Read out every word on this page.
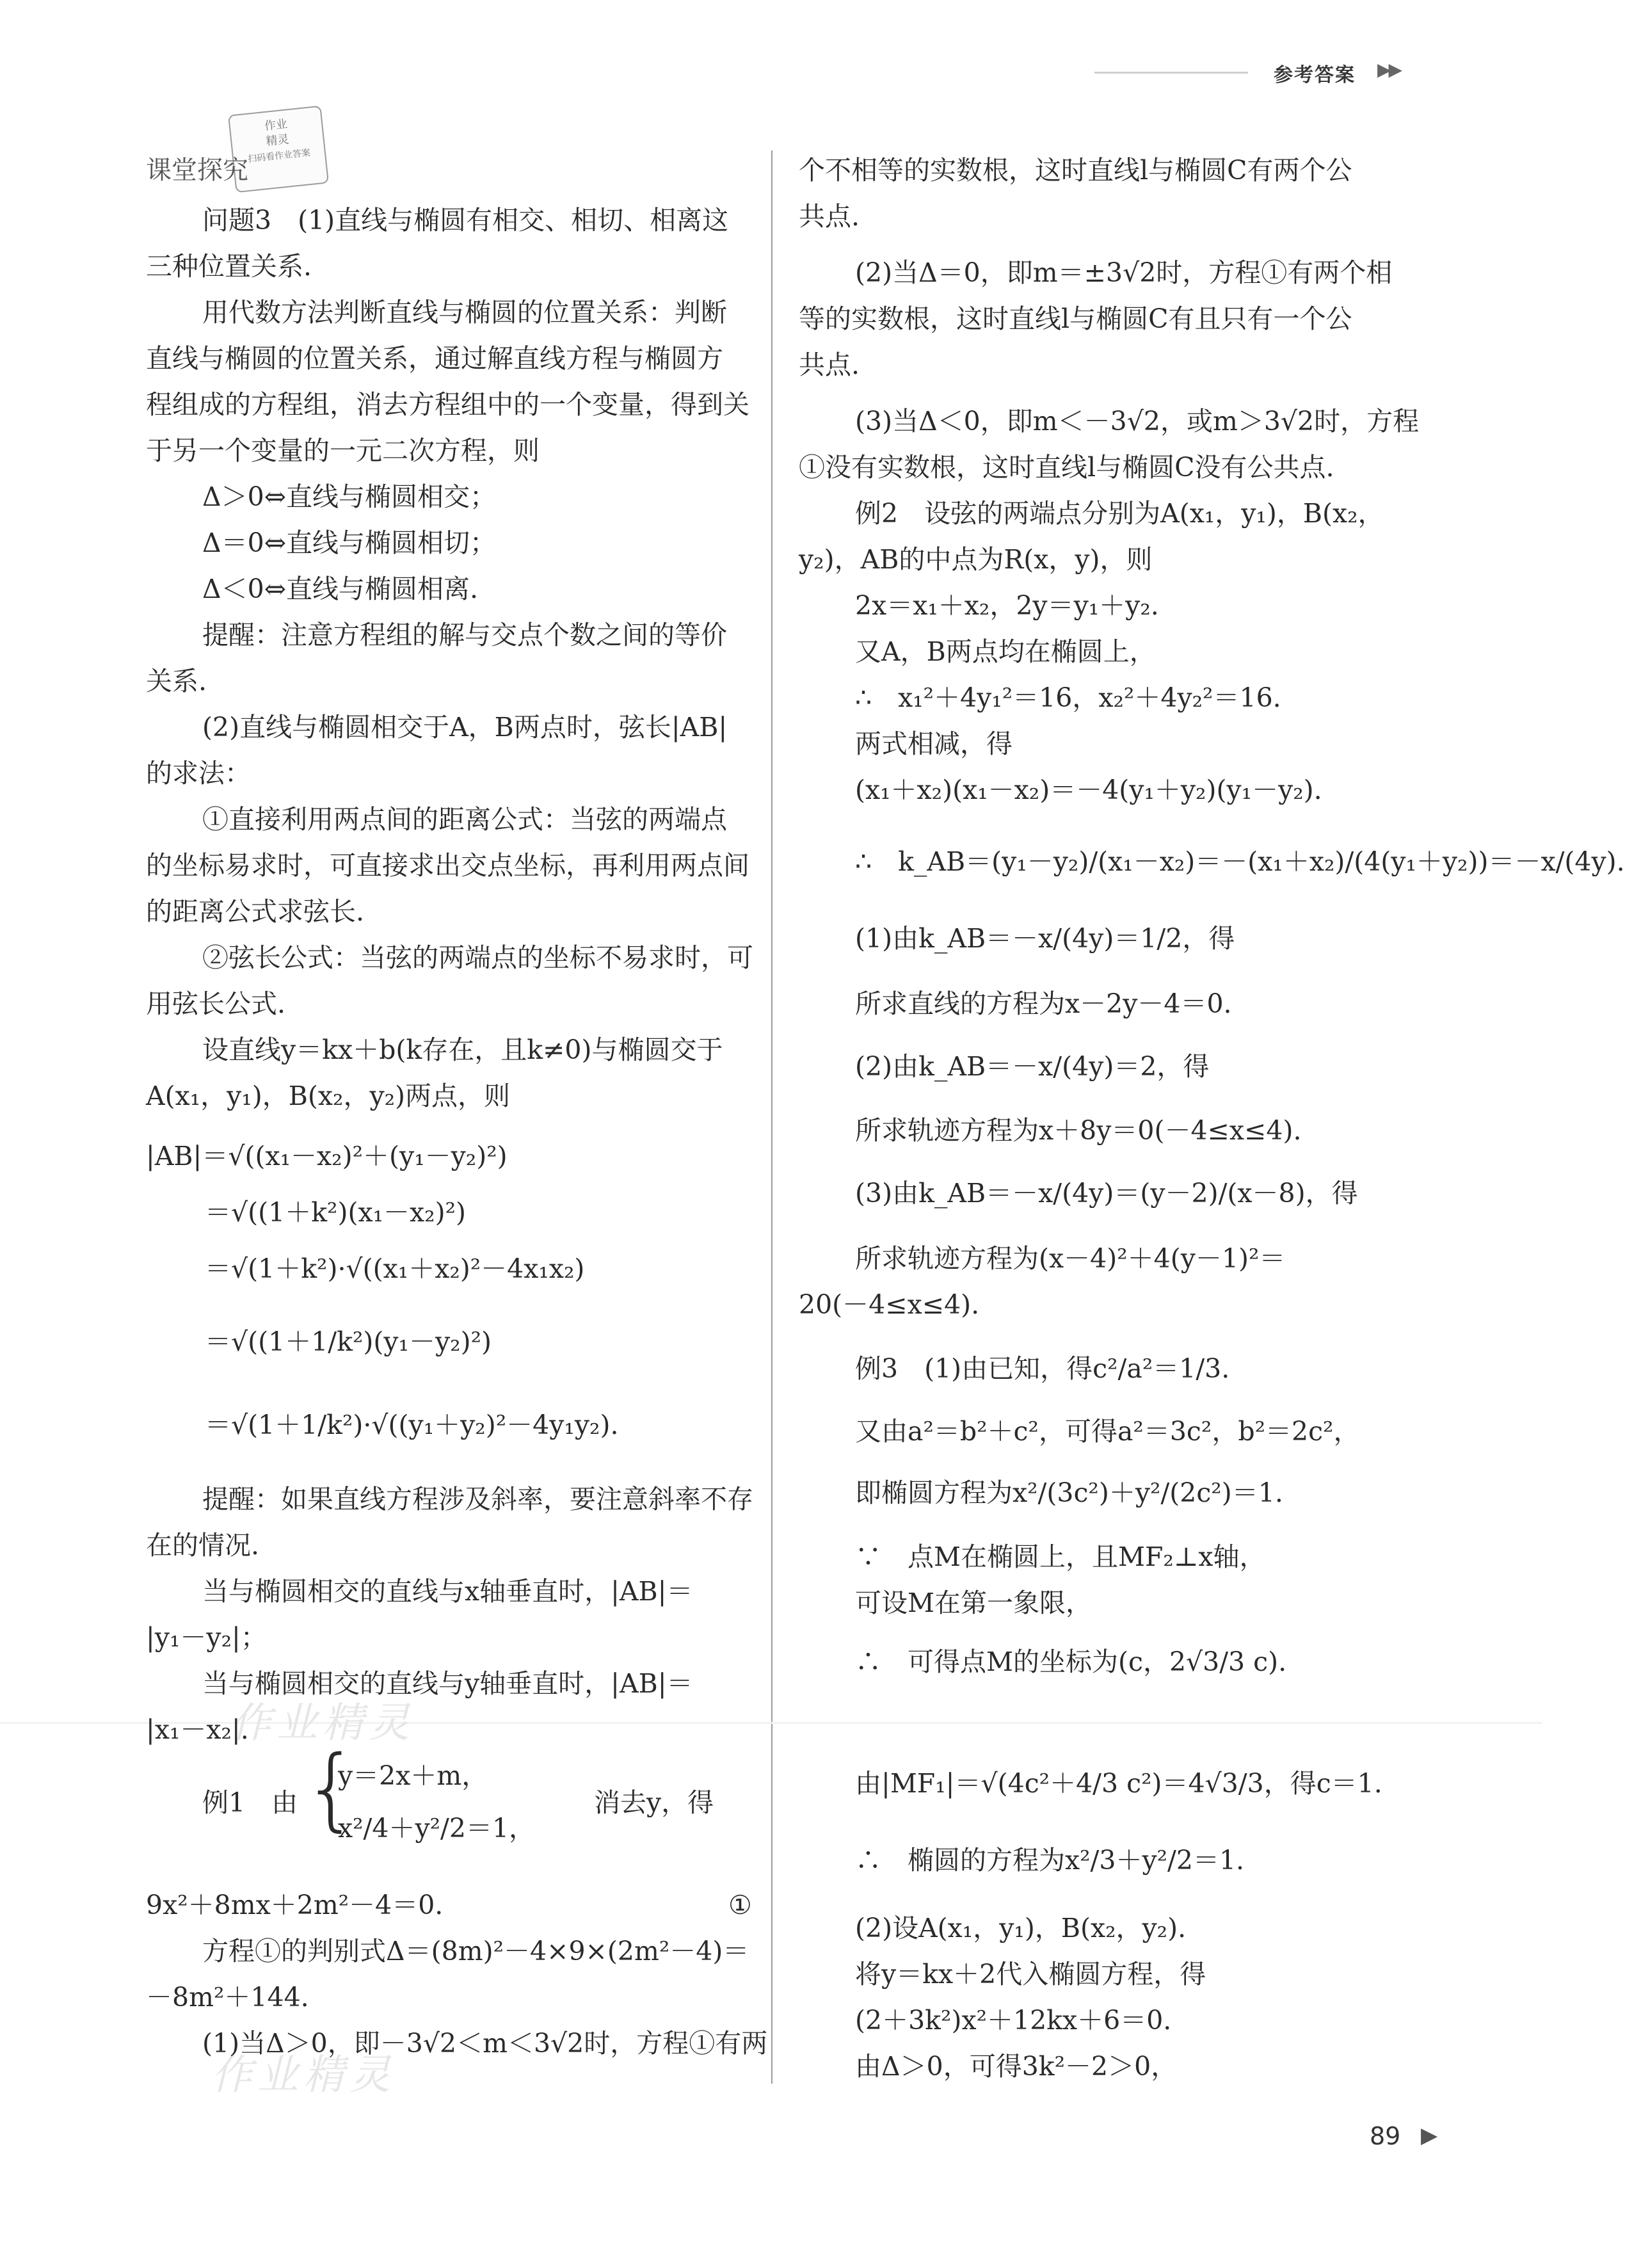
参考答案 ▶▶
作业
精灵
扫码看作业答案
作业精灵
作业精灵
课堂探究
问题3　(1)直线与椭圆有相交、相切、相离这
三种位置关系.
用代数方法判断直线与椭圆的位置关系：判断
直线与椭圆的位置关系，通过解直线方程与椭圆方
程组成的方程组，消去方程组中的一个变量，得到关
于另一个变量的一元二次方程，则
Δ＞0⇔直线与椭圆相交；
Δ＝0⇔直线与椭圆相切；
Δ＜0⇔直线与椭圆相离.
提醒：注意方程组的解与交点个数之间的等价
关系.
(2)直线与椭圆相交于A，B两点时，弦长|AB|
的求法：
①直接利用两点间的距离公式：当弦的两端点
的坐标易求时，可直接求出交点坐标，再利用两点间
的距离公式求弦长.
②弦长公式：当弦的两端点的坐标不易求时，可
用弦长公式.
设直线y＝kx＋b(k存在，且k≠0)与椭圆交于
A(x₁，y₁)，B(x₂，y₂)两点，则
|AB|＝√((x₁－x₂)²＋(y₁－y₂)²)
＝√((1＋k²)(x₁－x₂)²)
＝√(1＋k²)·√((x₁＋x₂)²－4x₁x₂)
＝√((1＋1/k²)(y₁－y₂)²)
＝√(1＋1/k²)·√((y₁＋y₂)²－4y₁y₂).
提醒：如果直线方程涉及斜率，要注意斜率不存
在的情况.
当与椭圆相交的直线与x轴垂直时，|AB|＝
|y₁－y₂|；
当与椭圆相交的直线与y轴垂直时，|AB|＝
|x₁－x₂|.
例1　由 {
y＝2x＋m，
x²/4＋y²/2＝1，
消去y，得
9x²＋8mx＋2m²－4＝0.	①
方程①的判别式Δ＝(8m)²－4×9×(2m²－4)＝
－8m²＋144.
(1)当Δ＞0，即－3√2＜m＜3√2时，方程①有两
个不相等的实数根，这时直线l与椭圆C有两个公
共点.
(2)当Δ＝0，即m＝±3√2时，方程①有两个相
等的实数根，这时直线l与椭圆C有且只有一个公
共点.
(3)当Δ＜0，即m＜－3√2，或m＞3√2时，方程
①没有实数根，这时直线l与椭圆C没有公共点.
例2　设弦的两端点分别为A(x₁，y₁)，B(x₂，
y₂)，AB的中点为R(x，y)，则
2x＝x₁＋x₂，2y＝y₁＋y₂.
又A，B两点均在椭圆上，
∴　x₁²＋4y₁²＝16，x₂²＋4y₂²＝16.
两式相减，得
(x₁＋x₂)(x₁－x₂)＝－4(y₁＋y₂)(y₁－y₂).
∴　k_AB＝(y₁－y₂)/(x₁－x₂)＝－(x₁＋x₂)/(4(y₁＋y₂))＝－x/(4y).
(1)由k_AB＝－x/(4y)＝1/2，得
所求直线的方程为x－2y－4＝0.
(2)由k_AB＝－x/(4y)＝2，得
所求轨迹方程为x＋8y＝0(－4≤x≤4).
(3)由k_AB＝－x/(4y)＝(y－2)/(x－8)，得
所求轨迹方程为(x－4)²＋4(y－1)²＝
20(－4≤x≤4).
例3　(1)由已知，得c²/a²＝1/3.
又由a²＝b²＋c²，可得a²＝3c²，b²＝2c²，
即椭圆方程为x²/(3c²)＋y²/(2c²)＝1.
∵　点M在椭圆上，且MF₂⊥x轴，
可设M在第一象限，
∴　可得点M的坐标为(c，2√3/3 c).
由|MF₁|＝√(4c²＋4/3 c²)＝4√3/3，得c＝1.
∴　椭圆的方程为x²/3＋y²/2＝1.
(2)设A(x₁，y₁)，B(x₂，y₂).
将y＝kx＋2代入椭圆方程，得
(2＋3k²)x²＋12kx＋6＝0.
由Δ＞0，可得3k²－2＞0，
89 ▶
